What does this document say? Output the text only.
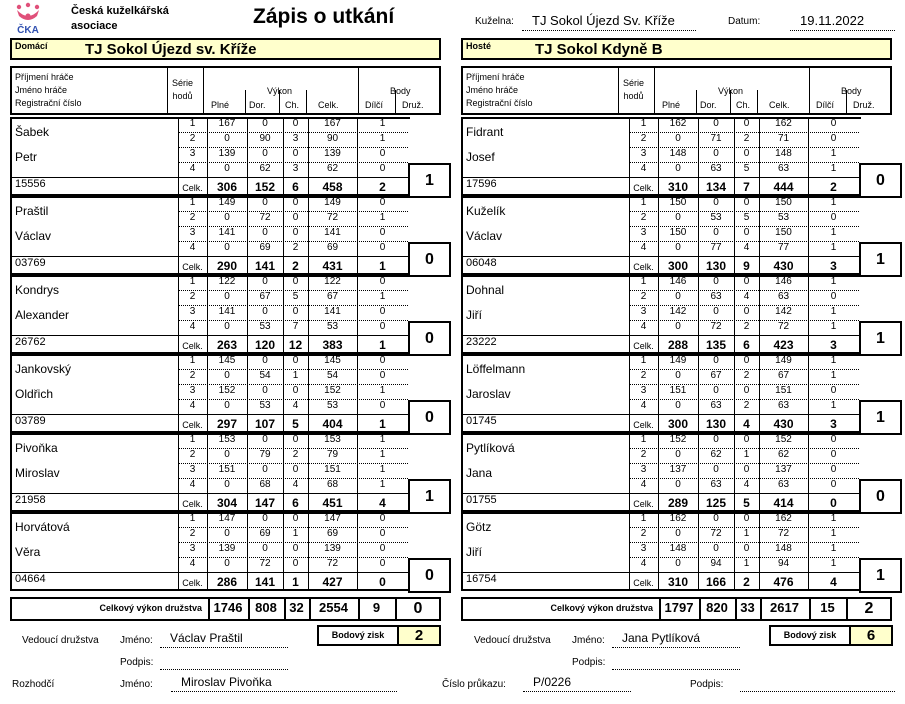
ČKA
Česká kuželkářská
asociace	Zápis o utkání	Kuželna:	TJ Sokol Újezd Sv. Kříže	Datum:	19.11.2022
Domácí TJ Sokol Újezd sv. Kříže	Hosté	TJ Sokol Kdyně B
Příjmení hráče
Jméno hráče
Registrační číslo
Série
hodů	Výkon
Plné Dor. Ch. Celk.
Body
Dílčí Druž.
Příjmení hráče
Jméno hráče
Registrační číslo
Série
hodů	Výkon
Plné Dor. Ch. Celk.
Body
Dílčí Druž.
Šabek
Petr
15556
1	167	0	0	167	1
2	0	90	3	90	1
3	139	0	0	139	0
4	0	62	3	62	0
Celk.	306	152	6	458	2	1
Praštil
Václav
03769
1	149	0	0	149	0
2	0	72	0	72	1
3	141	0	0	141	0
4	0	69	2	69	0
Celk.	290	141	2	431	1	0
Kondrys
Alexander
26762
1	122	0	0	122	0
2	0	67	5	67	1
3	141	0	0	141	0
4	0	53	7	53	0
Celk.	263	120	12	383	1	0
Jankovský
Oldřich
03789
1	145	0	0	145	0
2	0	54	1	54	0
3	152	0	0	152	1
4	0	53	4	53	0
Celk.	297	107	5	404	1	0
Pivoňka
Miroslav
21958
1	153	0	0	153	1
2	0	79	2	79	1
3	151	0	0	151	1
4	0	68	4	68	1
Celk.	304	147	6	451	4	1
Horvátová
Věra
04664
1	147	0	0	147	0
2	0	69	1	69	0
3	139	0	0	139	0
4	0	72	0	72	0
Celk.	286	141	1	427	0	0
Fidrant
Josef
17596
1	162	0	0	162	0
2	0	71	2	71	0
3	148	0	0	148	1
4	0	63	5	63	1
Celk.	310	134	7	444	2	0
Kuželík
Václav
06048
1	150	0	0	150	1
2	0	53	5	53	0
3	150	0	0	150	1
4	0	77	4	77	1
Celk.	300	130	9	430	3	1
Dohnal
Jiří
23222
1	146	0	0	146	1
2	0	63	4	63	0
3	142	0	0	142	1
4	0	72	2	72	1
Celk.	288	135	6	423	3	1
Löffelmann
Jaroslav
01745
1	149	0	0	149	1
2	0	67	2	67	1
3	151	0	0	151	0
4	0	63	2	63	1
Celk.	300	130	4	430	3	1
Pytlíková
Jana
01755
1	152	0	0	152	0
2	0	62	1	62	0
3	137	0	0	137	0
4	0	63	4	63	0
Celk.	289	125	5	414	0	0
Götz
Jiří
16754
1	162	0	0	162	1
2	0	72	1	72	1
3	148	0	0	148	1
4	0	94	1	94	1
Celk.	310	166	2	476	4	1
Celkový výkon družstva 1746 808 32	2554	9	0	Celkový výkon družstva 1797 820 33	2617	15	2
Bodový zisk	2	Bodový zisk	6
Vedoucí družstva Jméno:	Václav Praštil
Podpis:
Vedoucí družstva Jméno:	Jana Pytlíková
Podpis:
Rozhodčí	Jméno:	Miroslav Pivoňka	Číslo průkazu:	P/0226	Podpis:
